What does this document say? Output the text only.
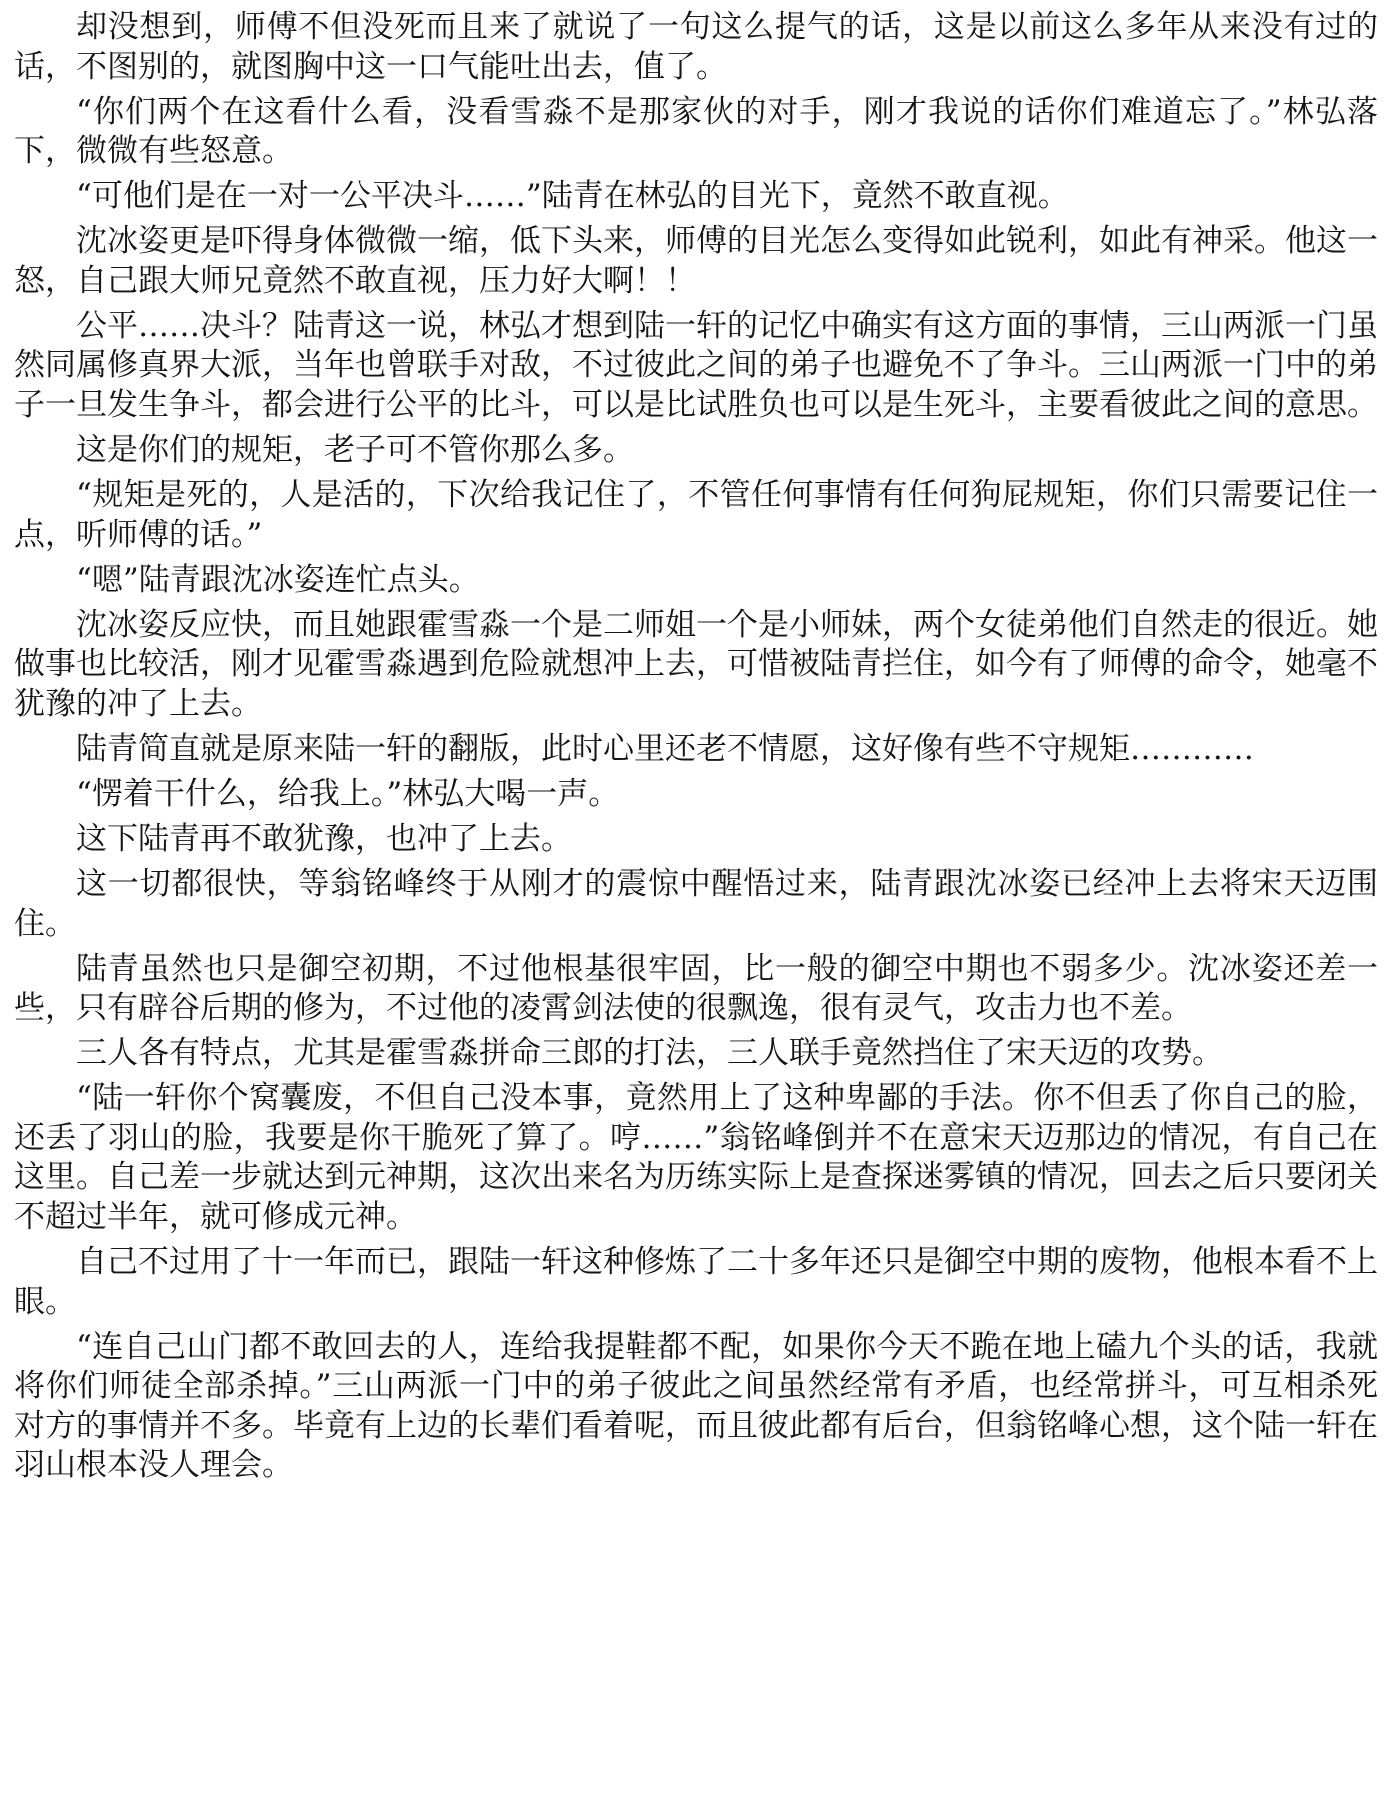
却没想到，师傅不但没死而且来了就说了一句这么提气的话，这是以前这么多年从来没有过的话，不图别的，就图胸中这一口气能吐出去，值了。

“你们两个在这看什么看，没看雪淼不是那家伙的对手，刚才我说的话你们难道忘了。”林弘落下，微微有些怒意。

“可他们是在一对一公平决斗……”陆青在林弘的目光下，竟然不敢直视。

沈冰姿更是吓得身体微微一缩，低下头来，师傅的目光怎么变得如此锐利，如此有神采。他这一怒，自己跟大师兄竟然不敢直视，压力好大啊！！

公平……决斗？陆青这一说，林弘才想到陆一轩的记忆中确实有这方面的事情，三山两派一门虽然同属修真界大派，当年也曾联手对敌，不过彼此之间的弟子也避免不了争斗。三山两派一门中的弟子一旦发生争斗，都会进行公平的比斗，可以是比试胜负也可以是生死斗，主要看彼此之间的意思。

这是你们的规矩，老子可不管你那么多。

“规矩是死的，人是活的，下次给我记住了，不管任何事情有任何狗屁规矩，你们只需要记住一点，听师傅的话。”

“嗯”陆青跟沈冰姿连忙点头。

沈冰姿反应快，而且她跟霍雪淼一个是二师姐一个是小师妹，两个女徒弟他们自然走的很近。她做事也比较活，刚才见霍雪淼遇到危险就想冲上去，可惜被陆青拦住，如今有了师傅的命令，她毫不犹豫的冲了上去。

陆青简直就是原来陆一轩的翻版，此时心里还老不情愿，这好像有些不守规矩…………

“愣着干什么，给我上。”林弘大喝一声。

这下陆青再不敢犹豫，也冲了上去。

这一切都很快，等翁铭峰终于从刚才的震惊中醒悟过来，陆青跟沈冰姿已经冲上去将宋天迈围住。

陆青虽然也只是御空初期，不过他根基很牢固，比一般的御空中期也不弱多少。沈冰姿还差一些，只有辟谷后期的修为，不过他的凌霄剑法使的很飘逸，很有灵气，攻击力也不差。

三人各有特点，尤其是霍雪淼拼命三郎的打法，三人联手竟然挡住了宋天迈的攻势。

“陆一轩你个窝囊废，不但自己没本事，竟然用上了这种卑鄙的手法。你不但丢了你自己的脸，还丢了羽山的脸，我要是你干脆死了算了。哼……”翁铭峰倒并不在意宋天迈那边的情况，有自己在这里。自己差一步就达到元神期，这次出来名为历练实际上是查探迷雾镇的情况，回去之后只要闭关不超过半年，就可修成元神。

自己不过用了十一年而已，跟陆一轩这种修炼了二十多年还只是御空中期的废物，他根本看不上眼。

“连自己山门都不敢回去的人，连给我提鞋都不配，如果你今天不跪在地上磕九个头的话，我就将你们师徒全部杀掉。”三山两派一门中的弟子彼此之间虽然经常有矛盾，也经常拼斗，可互相杀死对方的事情并不多。毕竟有上边的长辈们看着呢，而且彼此都有后台，但翁铭峰心想，这个陆一轩在羽山根本没人理会。
